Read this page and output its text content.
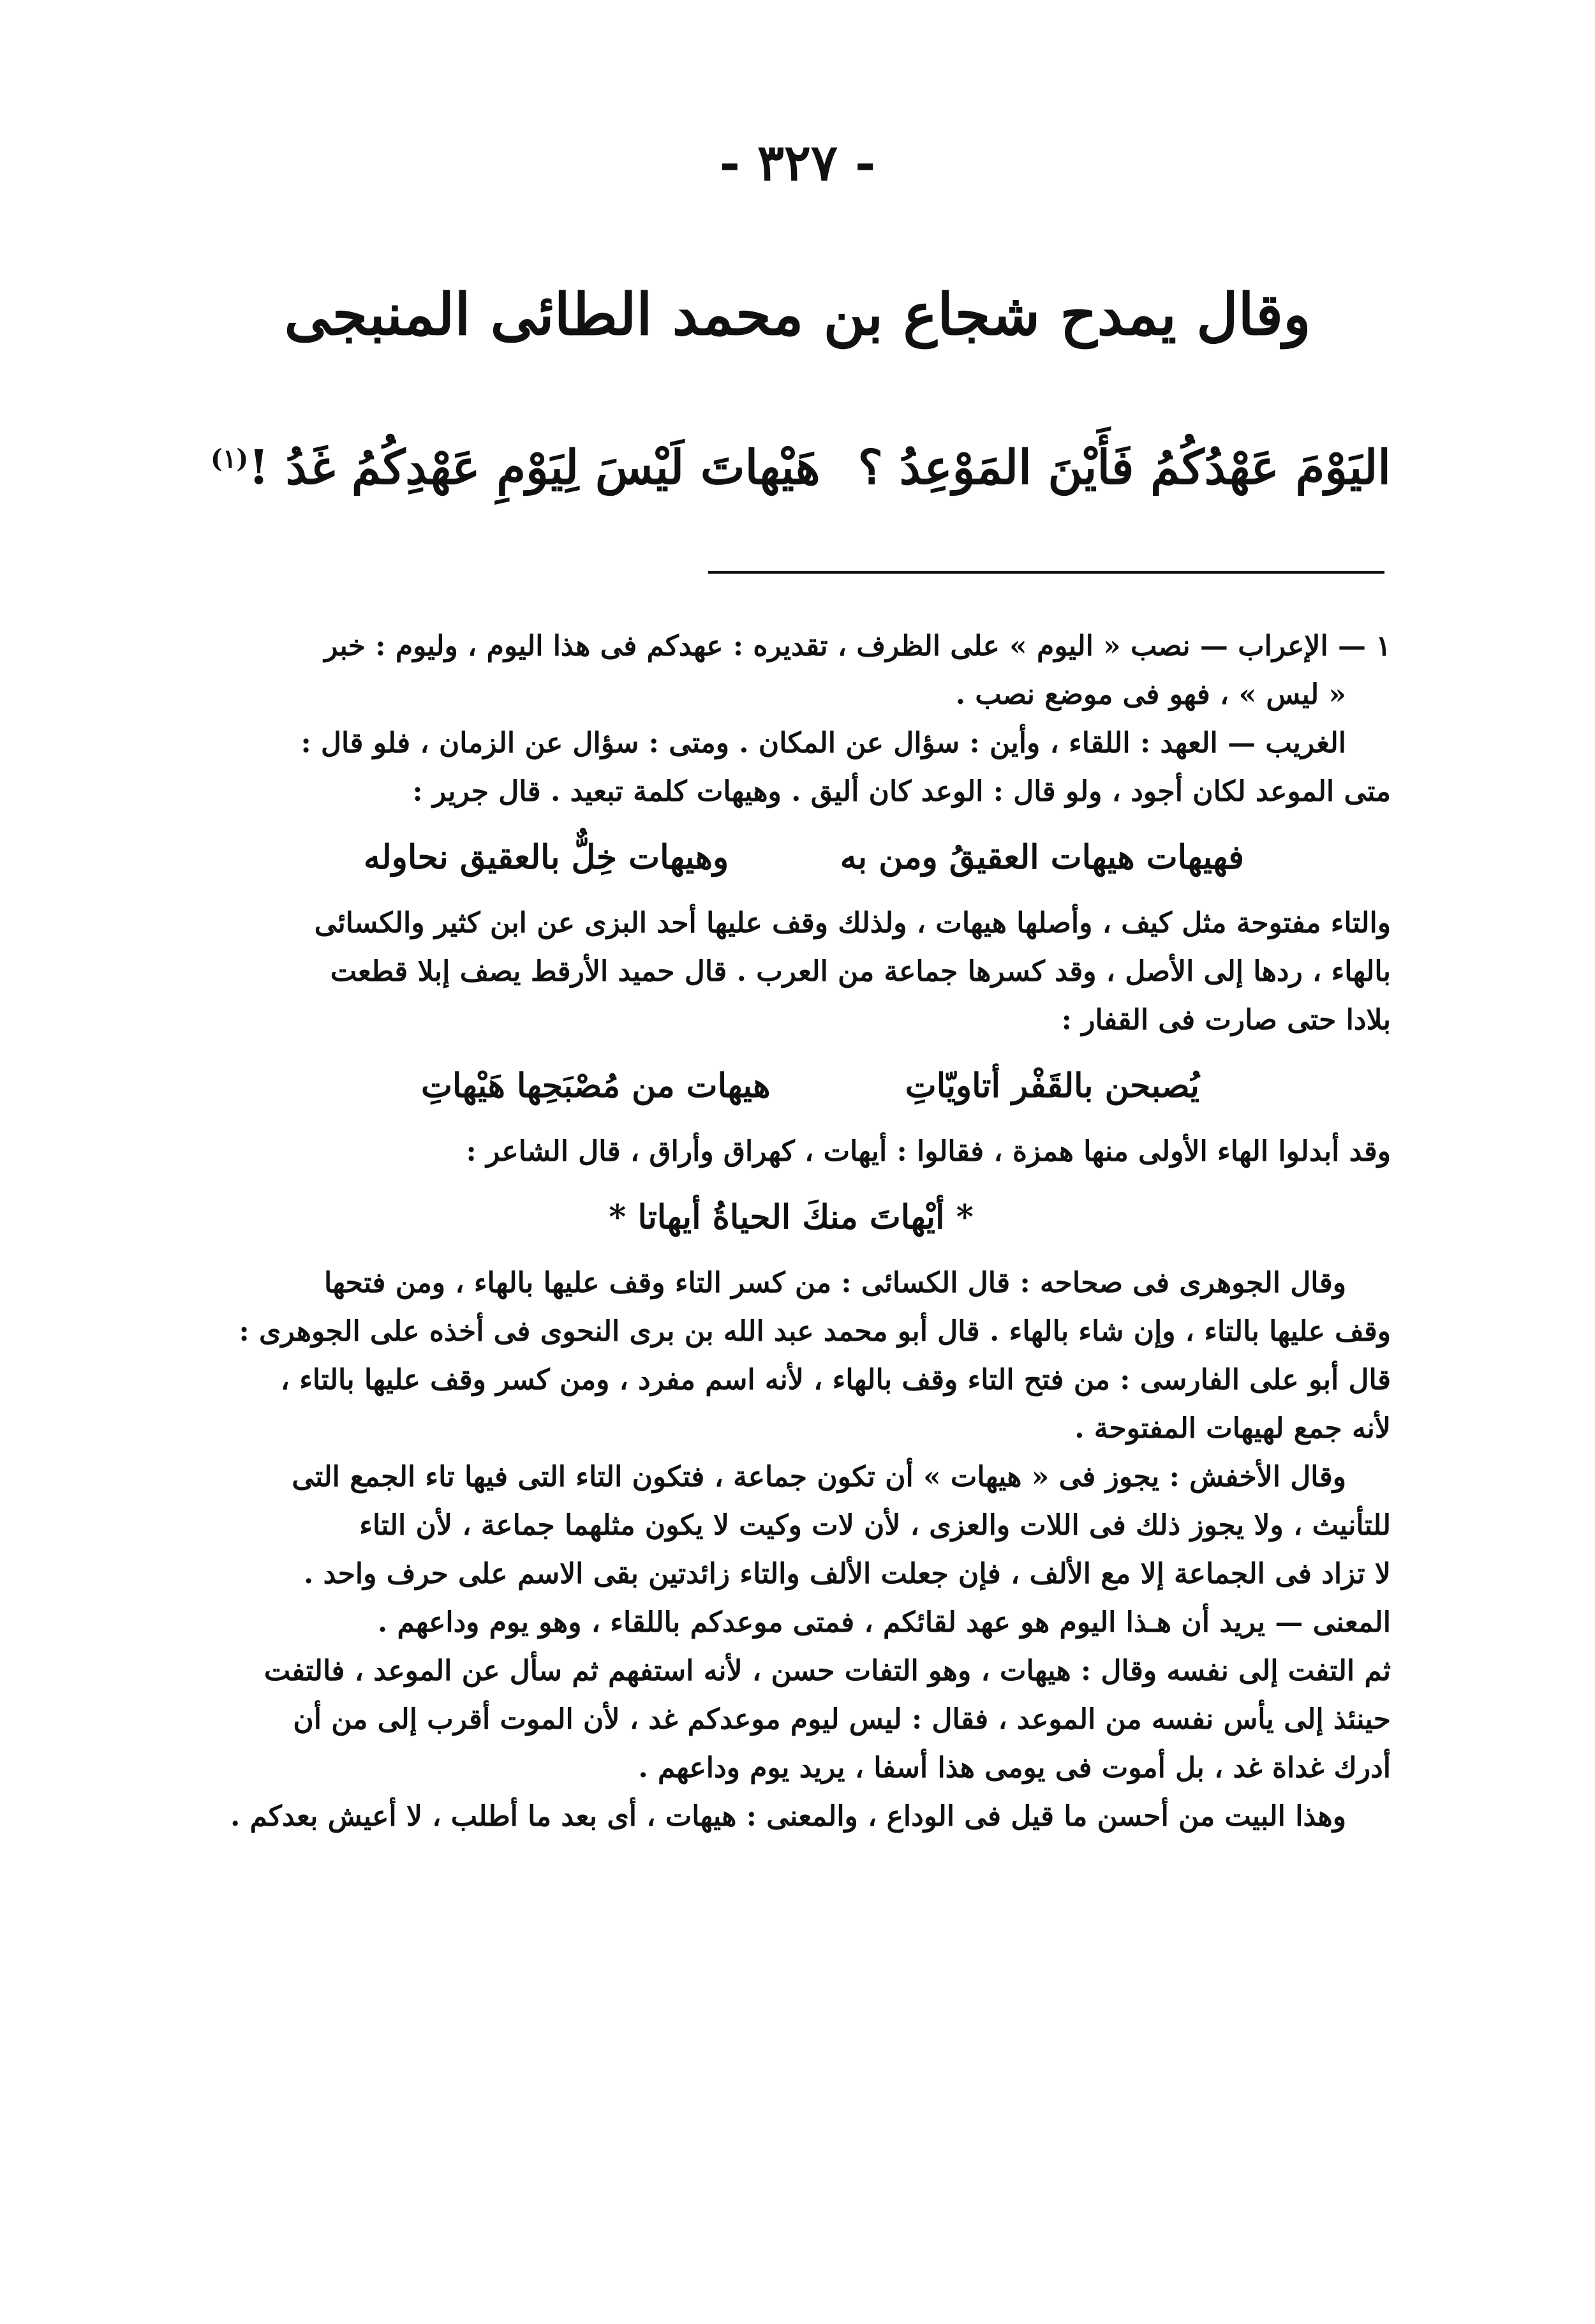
- ٣٢٧ -
وقال يمدح شجاع بن محمد الطائى المنبجى
اليَوْمَ عَهْدُكُمُ فَأَيْنَ المَوْعِدُ ؟
هَيْهاتَ لَيْسَ لِيَوْمِ عَهْدِكُمُ غَدُ !$^{(١)}$

١ — الإعراب — نصب « اليوم » على الظرف ، تقديره : عهدكم فى هذا اليوم ، وليوم : خبر

« ليس » ، فهو فى موضع نصب .

الغريب — العهد : اللقاء ، وأين : سؤال عن المكان . ومتى : سؤال عن الزمان ، فلو قال :

متى الموعد لكان أجود ، ولو قال : الوعد كان أليق . وهيهات كلمة تبعيد . قال جرير :

فهيهات هيهات العقيقُ ومن به
وهيهات خِلٌّ بالعقيق نحاوله

والتاء مفتوحة مثل كيف ، وأصلها هيهات ، ولذلك وقف عليها أحد البزى عن ابن كثير والكسائى

بالهاء ، ردها إلى الأصل ، وقد كسرها جماعة من العرب . قال حميد الأرقط يصف إبلا قطعت

بلادا حتى صارت فى القفار :

يُصبحن بالقَفْر أتاويّاتِ
هيهات من مُصْبَحِها هَيْهاتِ

وقد أبدلوا الهاء الأولى منها همزة ، فقالوا : أيهات ، كهراق وأراق ، قال الشاعر :

* أيْهاتَ منكَ الحياةُ أيهاتا *

وقال الجوهرى فى صحاحه : قال الكسائى : من كسر التاء وقف عليها بالهاء ، ومن فتحها

وقف عليها بالتاء ، وإن شاء بالهاء . قال أبو محمد عبد الله بن برى النحوى فى أخذه على الجوهرى :

قال أبو على الفارسى : من فتح التاء وقف بالهاء ، لأنه اسم مفرد ، ومن كسر وقف عليها بالتاء ،

لأنه جمع لهيهات المفتوحة .

وقال الأخفش : يجوز فى « هيهات » أن تكون جماعة ، فتكون التاء التى فيها تاء الجمع التى

للتأنيث ، ولا يجوز ذلك فى اللات والعزى ، لأن لات وكيت لا يكون مثلهما جماعة ، لأن التاء

لا تزاد فى الجماعة إلا مع الألف ، فإن جعلت الألف والتاء زائدتين بقى الاسم على حرف واحد .

المعنى — يريد أن هـذا اليوم هو عهد لقائكم ، فمتى موعدكم باللقاء ، وهو يوم وداعهم .

ثم التفت إلى نفسه وقال : هيهات ، وهو التفات حسن ، لأنه استفهم ثم سأل عن الموعد ، فالتفت

حينئذ إلى يأس نفسه من الموعد ، فقال : ليس ليوم موعدكم غد ، لأن الموت أقرب إلى من أن

أدرك غداة غد ، بل أموت فى يومى هذا أسفا ، يريد يوم وداعهم .

وهذا البيت من أحسن ما قيل فى الوداع ، والمعنى : هيهات ، أى بعد ما أطلب ، لا أعيش بعدكم .
